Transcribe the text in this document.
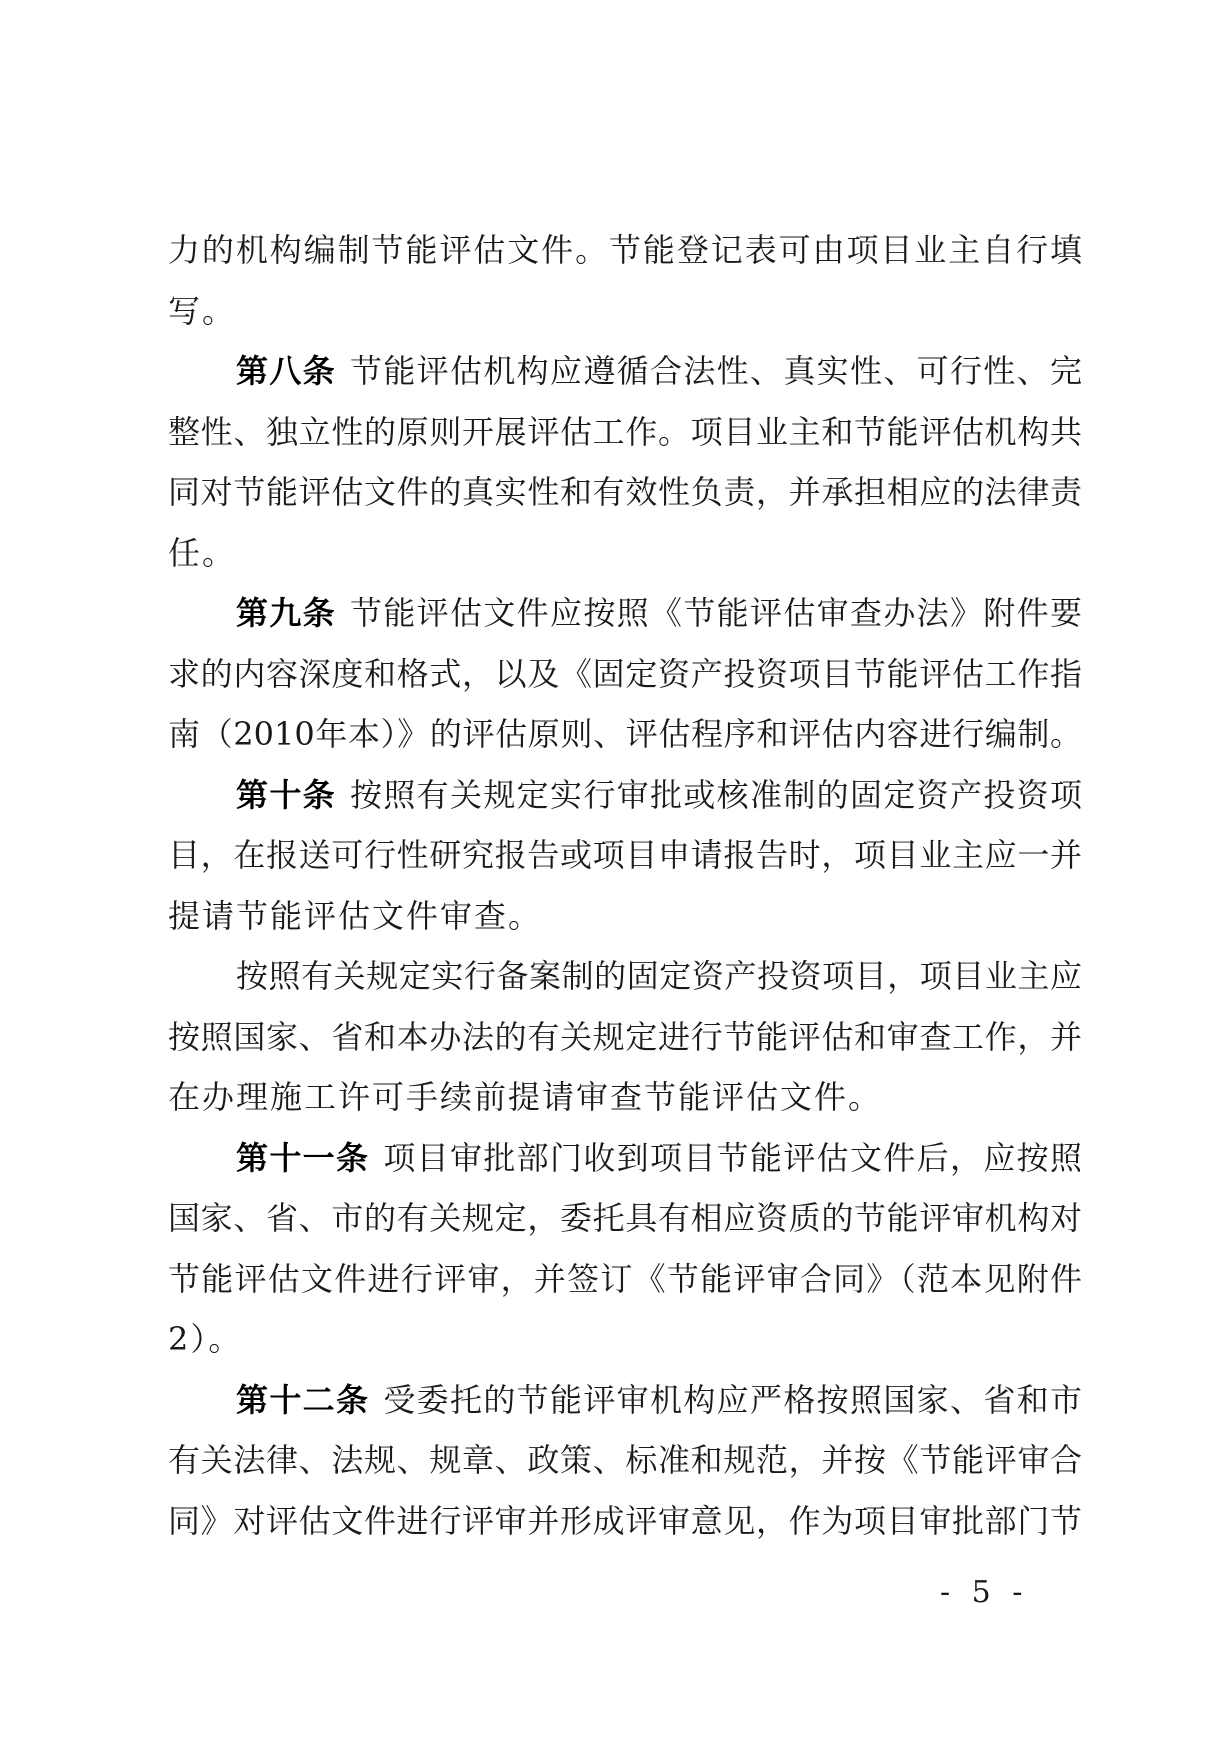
力的机构编制节能评估文件。节能登记表可由项目业主自行填
写。
第八条 节能评估机构应遵循合法性、真实性、可行性、完
整性、独立性的原则开展评估工作。项目业主和节能评估机构共
同对节能评估文件的真实性和有效性负责，并承担相应的法律责
任。
第九条 节能评估文件应按照《节能评估审查办法》附件要
求的内容深度和格式，以及《固定资产投资项目节能评估工作指
南（2010年本）》的评估原则、评估程序和评估内容进行编制。
第十条 按照有关规定实行审批或核准制的固定资产投资项
目，在报送可行性研究报告或项目申请报告时，项目业主应一并
提请节能评估文件审查。
按照有关规定实行备案制的固定资产投资项目，项目业主应
按照国家、省和本办法的有关规定进行节能评估和审查工作，并
在办理施工许可手续前提请审查节能评估文件。
第十一条 项目审批部门收到项目节能评估文件后，应按照
国家、省、市的有关规定，委托具有相应资质的节能评审机构对
节能评估文件进行评审，并签订《节能评审合同》（范本见附件
2）。
第十二条 受委托的节能评审机构应严格按照国家、省和市
有关法律、法规、规章、政策、标准和规范，并按《节能评审合
同》对评估文件进行评审并形成评审意见，作为项目审批部门节
- 5 -
